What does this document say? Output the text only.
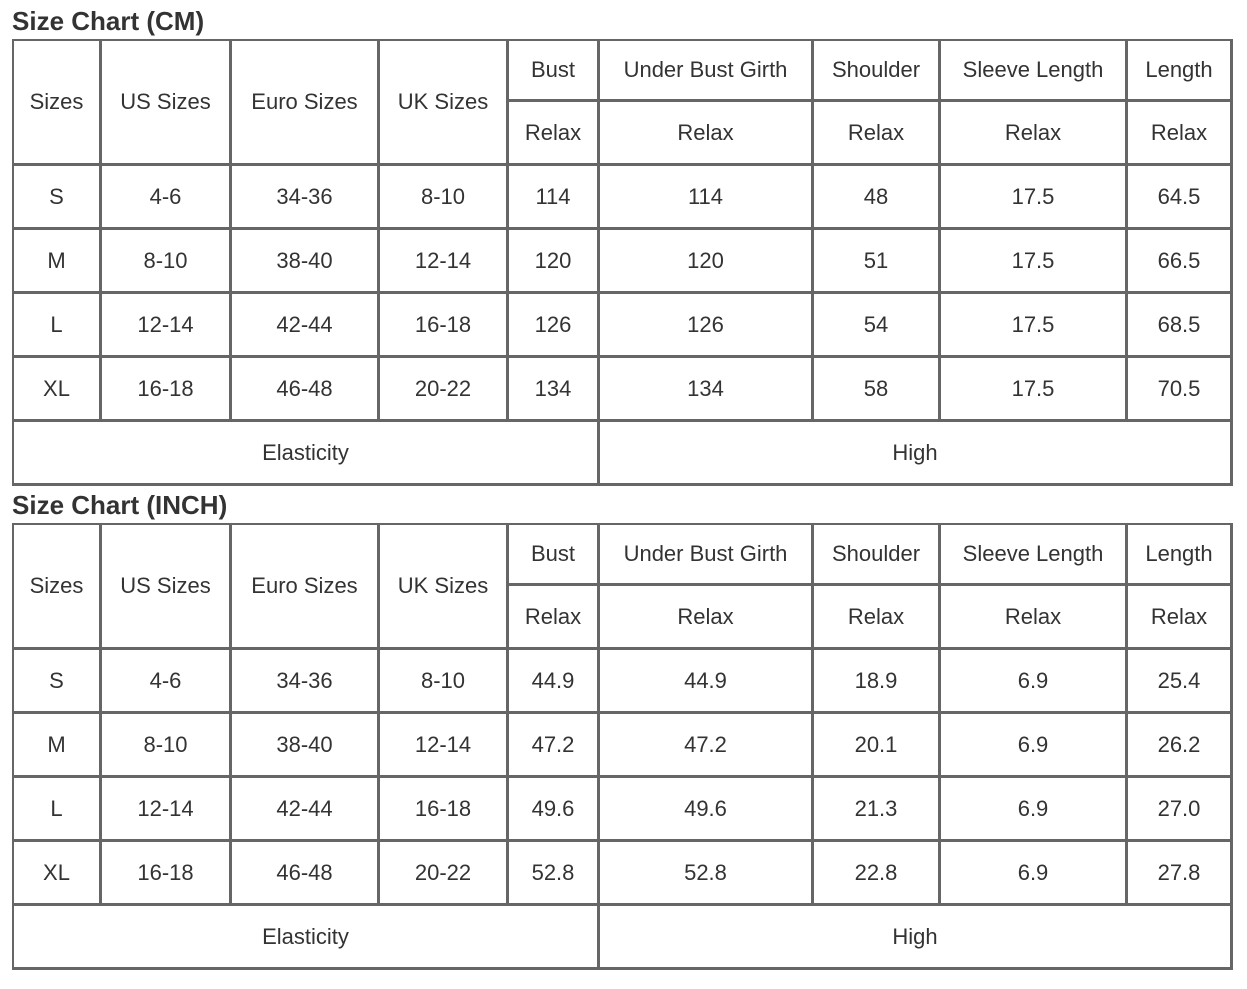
Size Chart (CM)
Sizes	US Sizes	Euro Sizes	UK Sizes	Bust	Under Bust Girth	Shoulder	Sleeve Length	Length
				Relax	Relax	Relax	Relax	Relax
S	4-6	34-36	8-10	114	114	48	17.5	64.5
M	8-10	38-40	12-14	120	120	51	17.5	66.5
L	12-14	42-44	16-18	126	126	54	17.5	68.5
XL	16-18	46-48	20-22	134	134	58	17.5	70.5
Elasticity					High			
Size Chart (INCH)
Sizes	US Sizes	Euro Sizes	UK Sizes	Bust	Under Bust Girth	Shoulder	Sleeve Length	Length
				Relax	Relax	Relax	Relax	Relax
S	4-6	34-36	8-10	44.9	44.9	18.9	6.9	25.4
M	8-10	38-40	12-14	47.2	47.2	20.1	6.9	26.2
L	12-14	42-44	16-18	49.6	49.6	21.3	6.9	27.0
XL	16-18	46-48	20-22	52.8	52.8	22.8	6.9	27.8
Elasticity					High			
